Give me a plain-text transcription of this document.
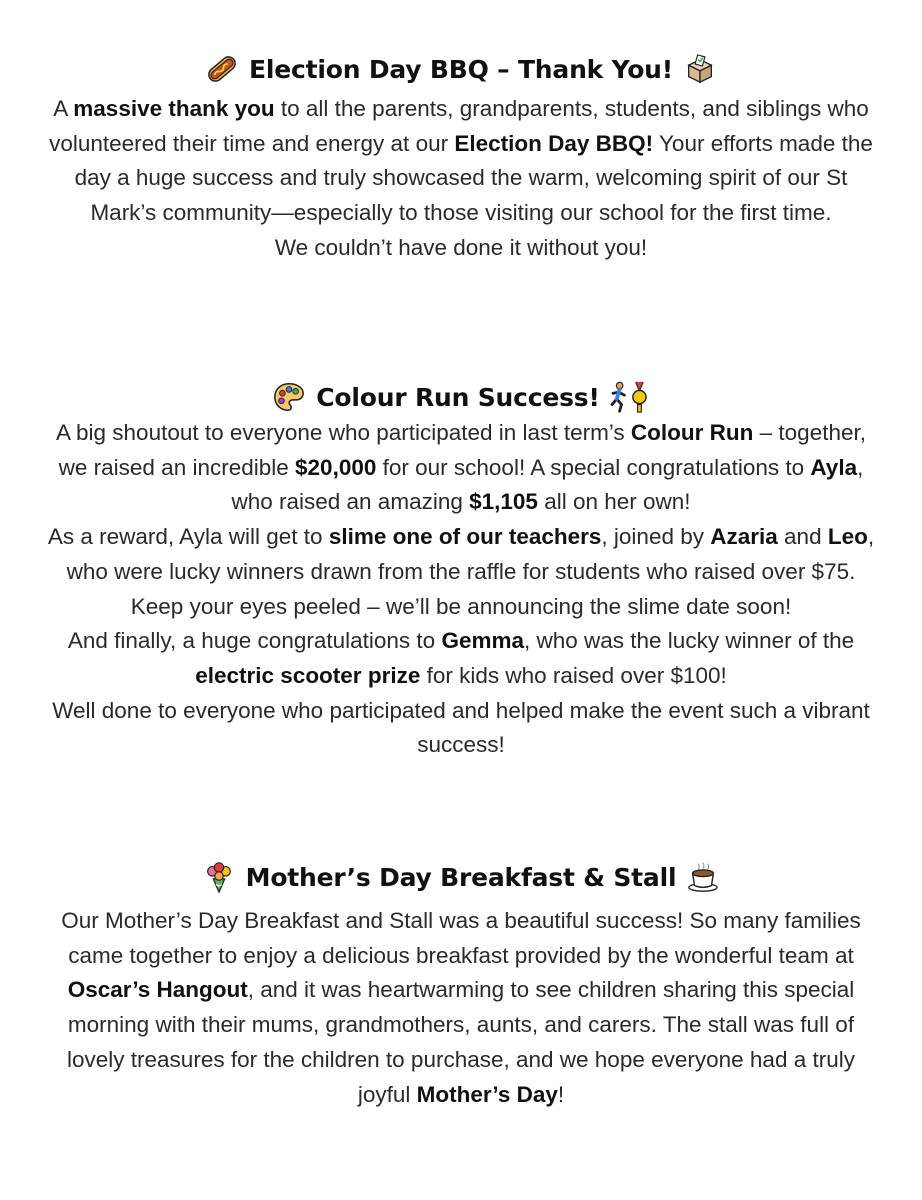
Election Day BBQ – Thank You!

A massive thank you to all the parents, grandparents, students, and siblings who volunteered their time and energy at our Election Day BBQ! Your efforts made the day a huge success and truly showcased the warm, welcoming spirit of our St Mark’s community—especially to those visiting our school for the first time.

We couldn’t have done it without you!

Colour Run Success!

A big shoutout to everyone who participated in last term’s Colour Run – together, we raised an incredible $20,000 for our school! A special congratulations to Ayla, who raised an amazing $1,105 all on her own!

As a reward, Ayla will get to slime one of our teachers, joined by Azaria and Leo, who were lucky winners drawn from the raffle for students who raised over $75.

Keep your eyes peeled – we’ll be announcing the slime date soon!

And finally, a huge congratulations to Gemma, who was the lucky winner of the electric scooter prize for kids who raised over $100!

Well done to everyone who participated and helped make the event such a vibrant success!

Mother’s Day Breakfast & Stall

Our Mother’s Day Breakfast and Stall was a beautiful success! So many families came together to enjoy a delicious breakfast provided by the wonderful team at Oscar’s Hangout, and it was heartwarming to see children sharing this special morning with their mums, grandmothers, aunts, and carers. The stall was full of lovely treasures for the children to purchase, and we hope everyone had a truly joyful Mother’s Day!
